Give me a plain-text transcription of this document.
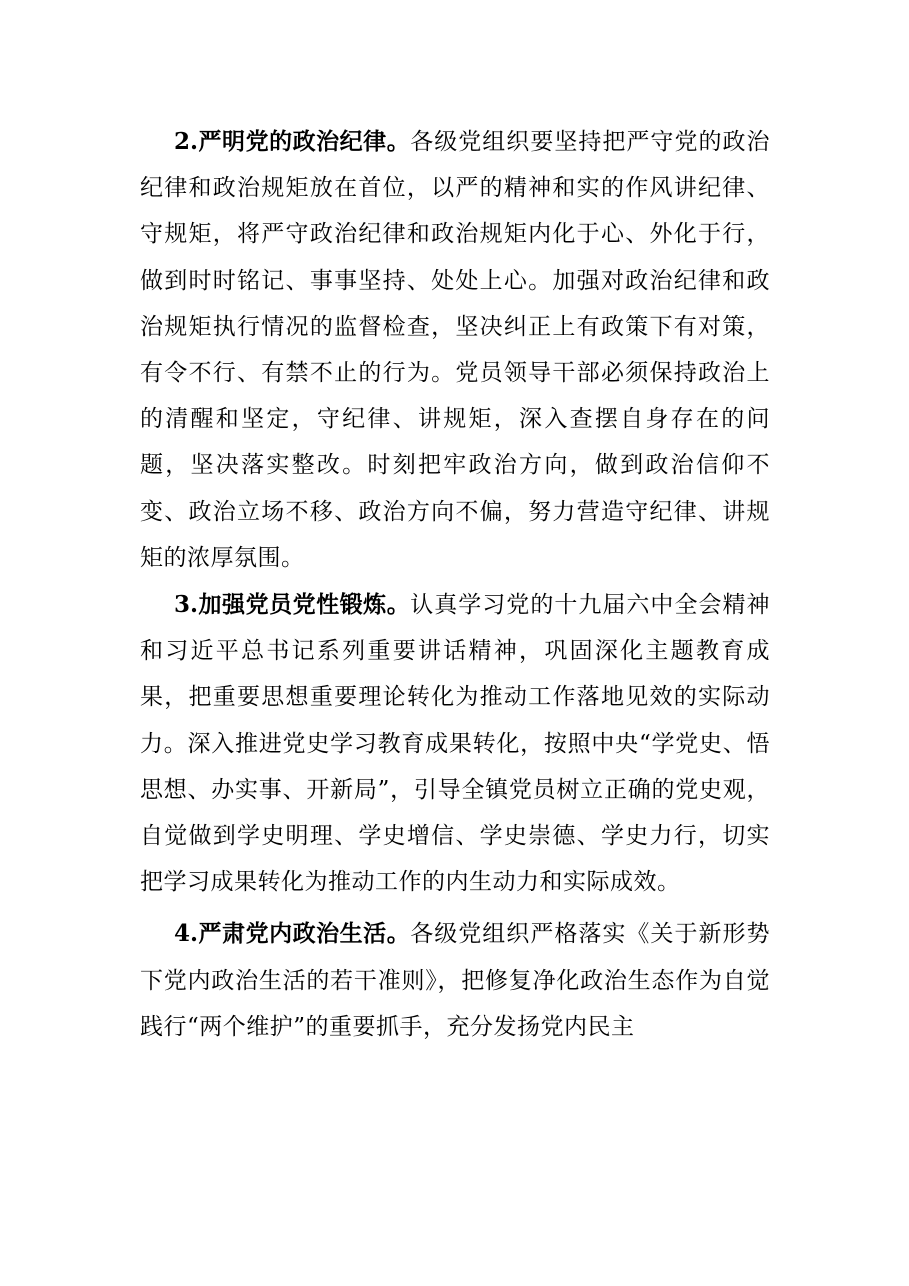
2.严明党的政治纪律。各级党组织要坚持把严守党的政治纪律和政治规矩放在首位，以严的精神和实的作风讲纪律、守规矩，将严守政治纪律和政治规矩内化于心、外化于行，做到时时铭记、事事坚持、处处上心。加强对政治纪律和政治规矩执行情况的监督检查，坚决纠正上有政策下有对策，有令不行、有禁不止的行为。党员领导干部必须保持政治上的清醒和坚定，守纪律、讲规矩，深入查摆自身存在的问题，坚决落实整改。时刻把牢政治方向，做到政治信仰不变、政治立场不移、政治方向不偏，努力营造守纪律、讲规矩的浓厚氛围。

3.加强党员党性锻炼。认真学习党的十九届六中全会精神和习近平总书记系列重要讲话精神，巩固深化主题教育成果，把重要思想重要理论转化为推动工作落地见效的实际动力。深入推进党史学习教育成果转化，按照中央“学党史、悟思想、办实事、开新局”，引导全镇党员树立正确的党史观，自觉做到学史明理、学史增信、学史崇德、学史力行，切实把学习成果转化为推动工作的内生动力和实际成效。

4.严肃党内政治生活。各级党组织严格落实《关于新形势下党内政治生活的若干准则》，把修复净化政治生态作为自觉践行“两个维护”的重要抓手，充分发扬党内民主
